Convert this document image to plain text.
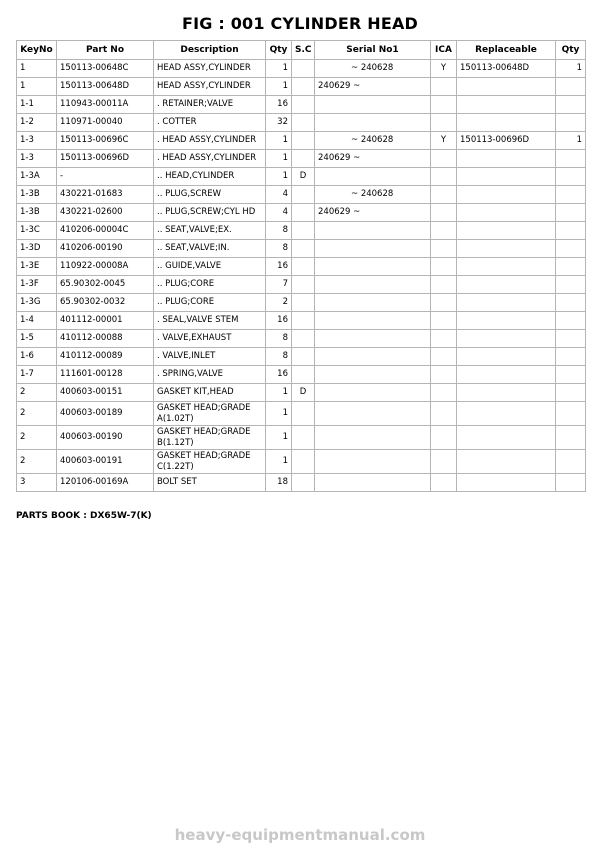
FIG : 001 CYLINDER HEAD
KeyNo	Part No	Description	Qty	S.C	Serial No1	ICA	Replaceable	Qty
1	150113-00648C	HEAD ASSY,CYLINDER	1		~ 240628	Y	150113-00648D	1
1	150113-00648D	HEAD ASSY,CYLINDER	1		240629 ~			
1-1	110943-00011A	. RETAINER;VALVE	16					
1-2	110971-00040	. COTTER	32					
1-3	150113-00696C	. HEAD ASSY,CYLINDER	1		~ 240628	Y	150113-00696D	1
1-3	150113-00696D	. HEAD ASSY,CYLINDER	1		240629 ~			
1-3A	-	.. HEAD,CYLINDER	1	D				
1-3B	430221-01683	.. PLUG,SCREW	4		~ 240628			
1-3B	430221-02600	.. PLUG,SCREW;CYL HD	4		240629 ~			
1-3C	410206-00004C	.. SEAT,VALVE;EX.	8					
1-3D	410206-00190	.. SEAT,VALVE;IN.	8					
1-3E	110922-00008A	.. GUIDE,VALVE	16					
1-3F	65.90302-0045	.. PLUG;CORE	7					
1-3G	65.90302-0032	.. PLUG;CORE	2					
1-4	401112-00001	. SEAL,VALVE STEM	16					
1-5	410112-00088	. VALVE,EXHAUST	8					
1-6	410112-00089	. VALVE,INLET	8					
1-7	111601-00128	. SPRING,VALVE	16					
2	400603-00151	GASKET KIT,HEAD	1	D				
2	400603-00189	GASKET HEAD;GRADE A(1.02T)	1					
2	400603-00190	GASKET HEAD;GRADE B(1.12T)	1					
2	400603-00191	GASKET HEAD;GRADE C(1.22T)	1					
3	120106-00169A	BOLT SET	18					
PARTS BOOK : DX65W-7(K)
heavy-equipmentmanual.com
